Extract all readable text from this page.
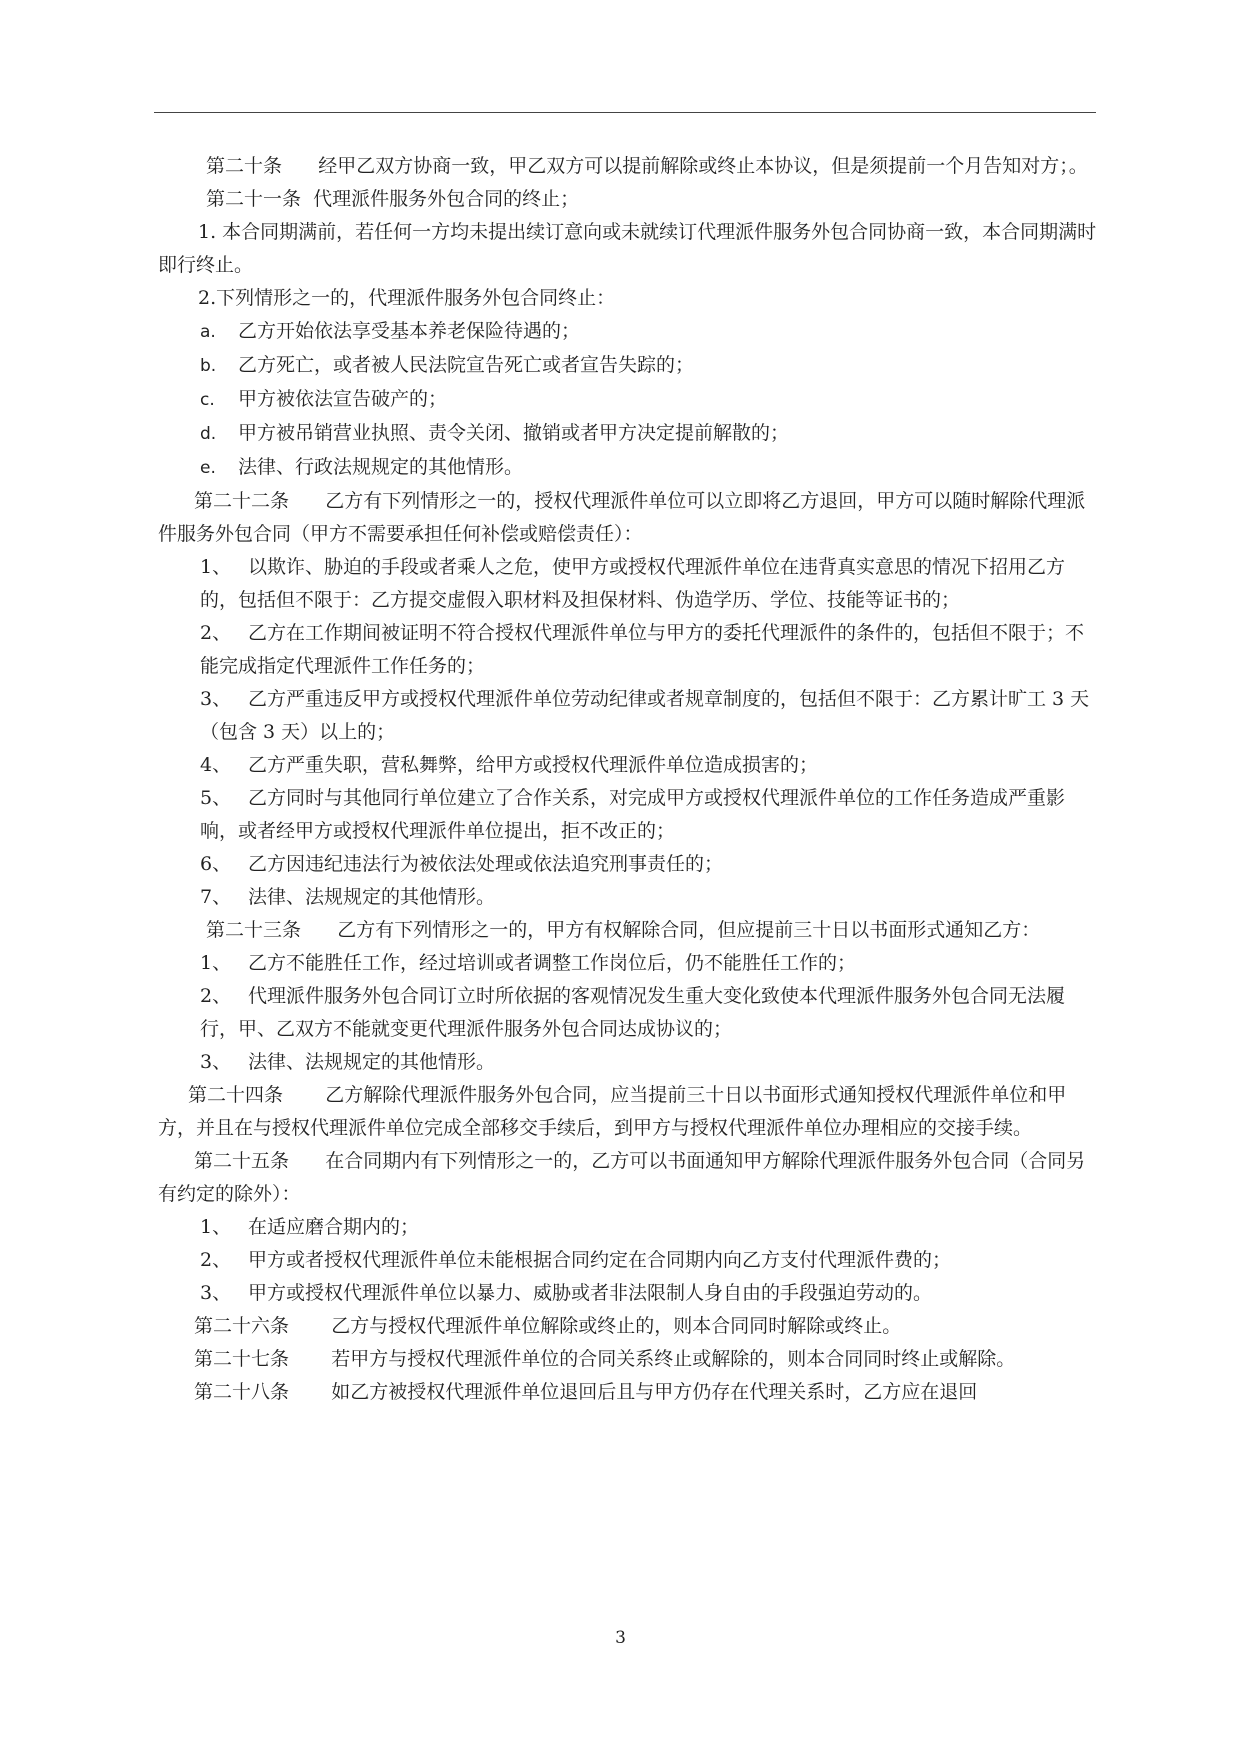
第二十条      经甲乙双方协商一致，甲乙双方可以提前解除或终止本协议，但是须提前一个月告知对方；。
第二十一条  代理派件服务外包合同的终止；
1. 本合同期满前，若任何一方均未提出续订意向或未就续订代理派件服务外包合同协商一致，本合同期满时即行终止。
2.下列情形之一的，代理派件服务外包合同终止：
a. 乙方开始依法享受基本养老保险待遇的；
b. 乙方死亡，或者被人民法院宣告死亡或者宣告失踪的；
c. 甲方被依法宣告破产的；
d. 甲方被吊销营业执照、责令关闭、撤销或者甲方决定提前解散的；
e. 法律、行政法规规定的其他情形。
第二十二条      乙方有下列情形之一的，授权代理派件单位可以立即将乙方退回，甲方可以随时解除代理派件服务外包合同（甲方不需要承担任何补偿或赔偿责任）：
1、 以欺诈、胁迫的手段或者乘人之危，使甲方或授权代理派件单位在违背真实意思的情况下招用乙方的，包括但不限于：乙方提交虚假入职材料及担保材料、伪造学历、学位、技能等证书的；
2、 乙方在工作期间被证明不符合授权代理派件单位与甲方的委托代理派件的条件的，包括但不限于；不能完成指定代理派件工作任务的；
3、 乙方严重违反甲方或授权代理派件单位劳动纪律或者规章制度的，包括但不限于：乙方累计旷工 3 天（包含 3 天）以上的；
4、 乙方严重失职，营私舞弊，给甲方或授权代理派件单位造成损害的；
5、 乙方同时与其他同行单位建立了合作关系，对完成甲方或授权代理派件单位的工作任务造成严重影响，或者经甲方或授权代理派件单位提出，拒不改正的；
6、 乙方因违纪违法行为被依法处理或依法追究刑事责任的；
7、 法律、法规规定的其他情形。
第二十三条      乙方有下列情形之一的，甲方有权解除合同，但应提前三十日以书面形式通知乙方：
1、 乙方不能胜任工作，经过培训或者调整工作岗位后，仍不能胜任工作的；
2、 代理派件服务外包合同订立时所依据的客观情况发生重大变化致使本代理派件服务外包合同无法履行，甲、乙双方不能就变更代理派件服务外包合同达成协议的；
3、 法律、法规规定的其他情形。
第二十四条       乙方解除代理派件服务外包合同，应当提前三十日以书面形式通知授权代理派件单位和甲方，并且在与授权代理派件单位完成全部移交手续后，到甲方与授权代理派件单位办理相应的交接手续。
第二十五条      在合同期内有下列情形之一的，乙方可以书面通知甲方解除代理派件服务外包合同（合同另有约定的除外）：
1、 在适应磨合期内的；
2、 甲方或者授权代理派件单位未能根据合同约定在合同期内向乙方支付代理派件费的；
3、 甲方或授权代理派件单位以暴力、威胁或者非法限制人身自由的手段强迫劳动的。
第二十六条       乙方与授权代理派件单位解除或终止的，则本合同同时解除或终止。
第二十七条       若甲方与授权代理派件单位的合同关系终止或解除的，则本合同同时终止或解除。
第二十八条       如乙方被授权代理派件单位退回后且与甲方仍存在代理关系时，乙方应在退回
3
